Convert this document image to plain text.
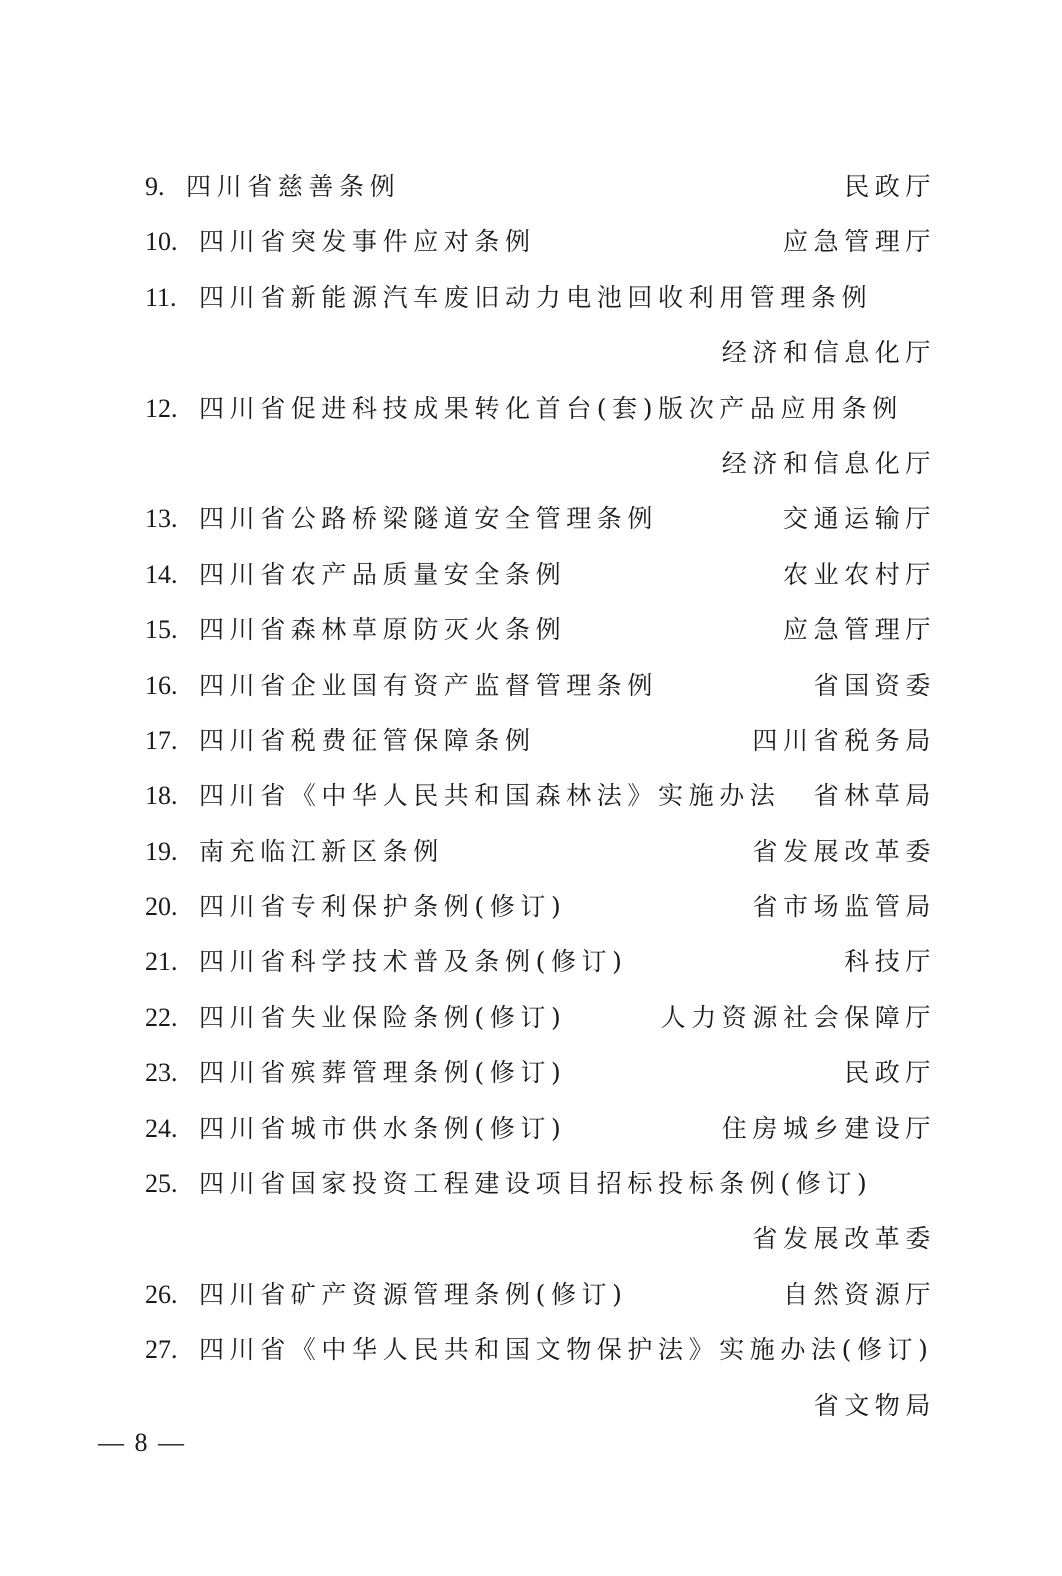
9. 四川省慈善条例	民政厅
10. 四川省突发事件应对条例	应急管理厅
11. 四川省新能源汽车废旧动力电池回收利用管理条例
经济和信息化厅
12. 四川省促进科技成果转化首台(套)版次产品应用条例
经济和信息化厅
13. 四川省公路桥梁隧道安全管理条例	交通运输厅
14. 四川省农产品质量安全条例	农业农村厅
15. 四川省森林草原防灭火条例	应急管理厅
16. 四川省企业国有资产监督管理条例	省国资委
17. 四川省税费征管保障条例	四川省税务局
18. 四川省《中华人民共和国森林法》实施办法 省林草局
19. 南充临江新区条例	省发展改革委
20. 四川省专利保护条例(修订)	省市场监管局
21. 四川省科学技术普及条例(修订)	科技厅
22. 四川省失业保险条例(修订)	人力资源社会保障厅
23. 四川省殡葬管理条例(修订)	民政厅
24. 四川省城市供水条例(修订)	住房城乡建设厅
25. 四川省国家投资工程建设项目招标投标条例(修订)
省发展改革委
26. 四川省矿产资源管理条例(修订)	自然资源厅
27. 四川省《中华人民共和国文物保护法》实施办法(修订)
省文物局
— 8 —
